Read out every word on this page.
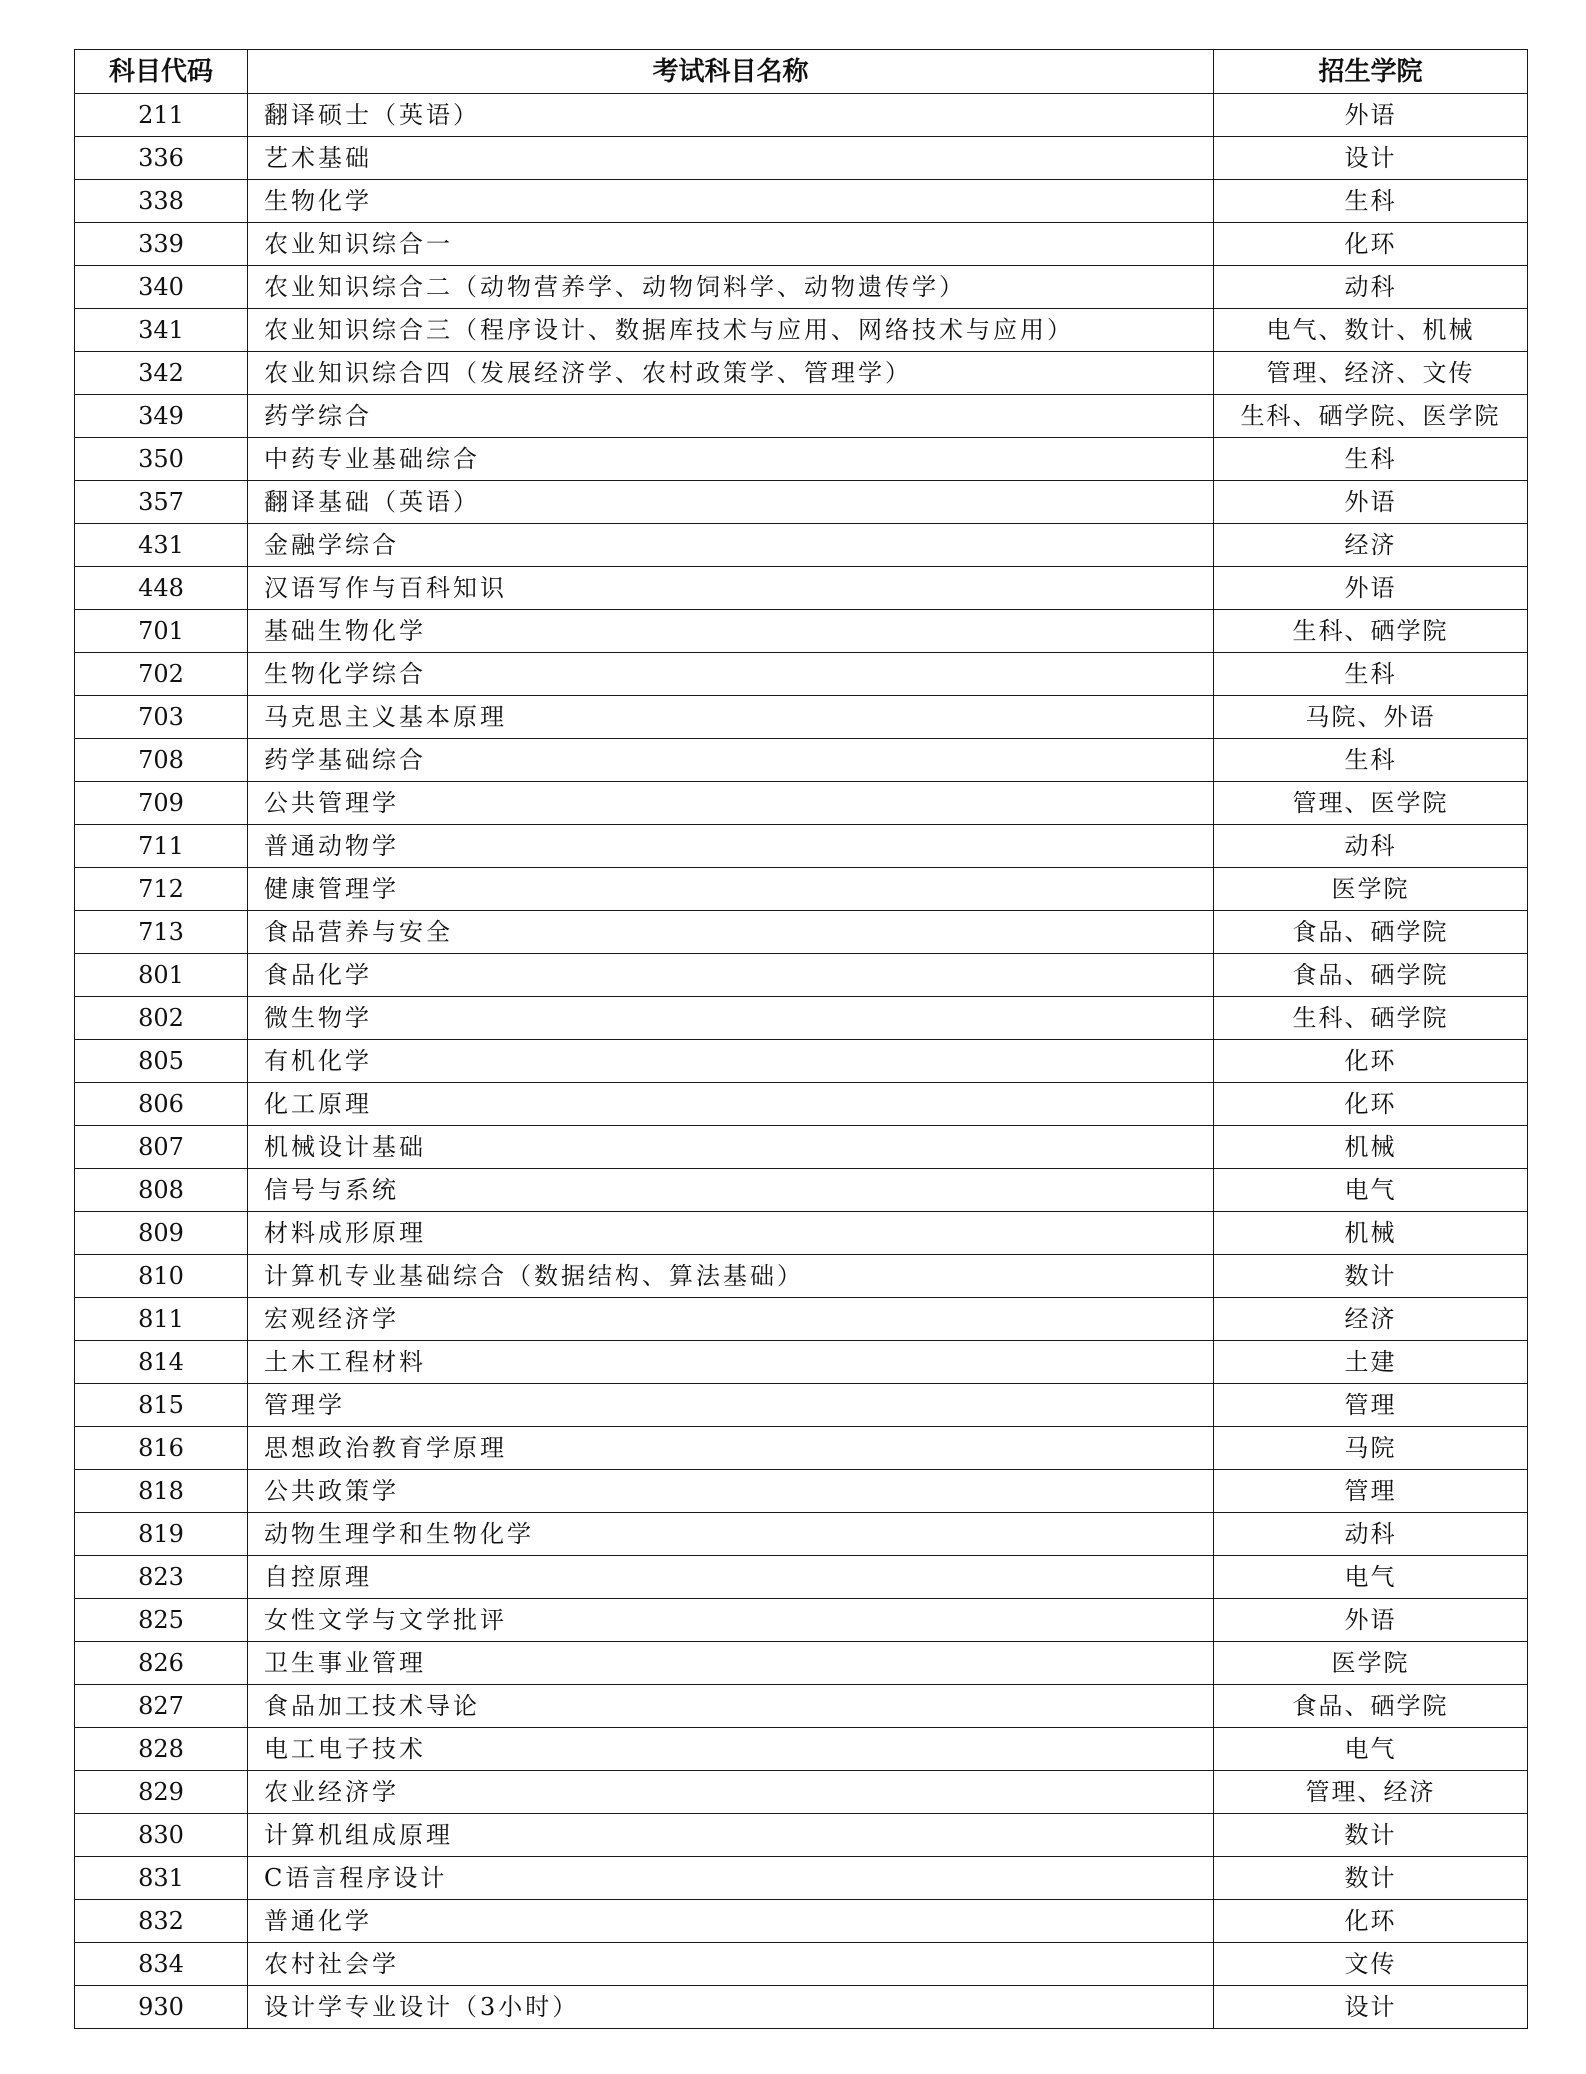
科目代码	考试科目名称	招生学院
211	翻译硕士（英语）	外语
336	艺术基础	设计
338	生物化学	生科
339	农业知识综合一	化环
340	农业知识综合二（动物营养学、动物饲料学、动物遗传学）	动科
341	农业知识综合三（程序设计、数据库技术与应用、网络技术与应用）	电气、数计、机械
342	农业知识综合四（发展经济学、农村政策学、管理学）	管理、经济、文传
349	药学综合	生科、硒学院、医学院
350	中药专业基础综合	生科
357	翻译基础（英语）	外语
431	金融学综合	经济
448	汉语写作与百科知识	外语
701	基础生物化学	生科、硒学院
702	生物化学综合	生科
703	马克思主义基本原理	马院、外语
708	药学基础综合	生科
709	公共管理学	管理、医学院
711	普通动物学	动科
712	健康管理学	医学院
713	食品营养与安全	食品、硒学院
801	食品化学	食品、硒学院
802	微生物学	生科、硒学院
805	有机化学	化环
806	化工原理	化环
807	机械设计基础	机械
808	信号与系统	电气
809	材料成形原理	机械
810	计算机专业基础综合（数据结构、算法基础）	数计
811	宏观经济学	经济
814	土木工程材料	土建
815	管理学	管理
816	思想政治教育学原理	马院
818	公共政策学	管理
819	动物生理学和生物化学	动科
823	自控原理	电气
825	女性文学与文学批评	外语
826	卫生事业管理	医学院
827	食品加工技术导论	食品、硒学院
828	电工电子技术	电气
829	农业经济学	管理、经济
830	计算机组成原理	数计
831	C语言程序设计	数计
832	普通化学	化环
834	农村社会学	文传
930	设计学专业设计（3小时）	设计
